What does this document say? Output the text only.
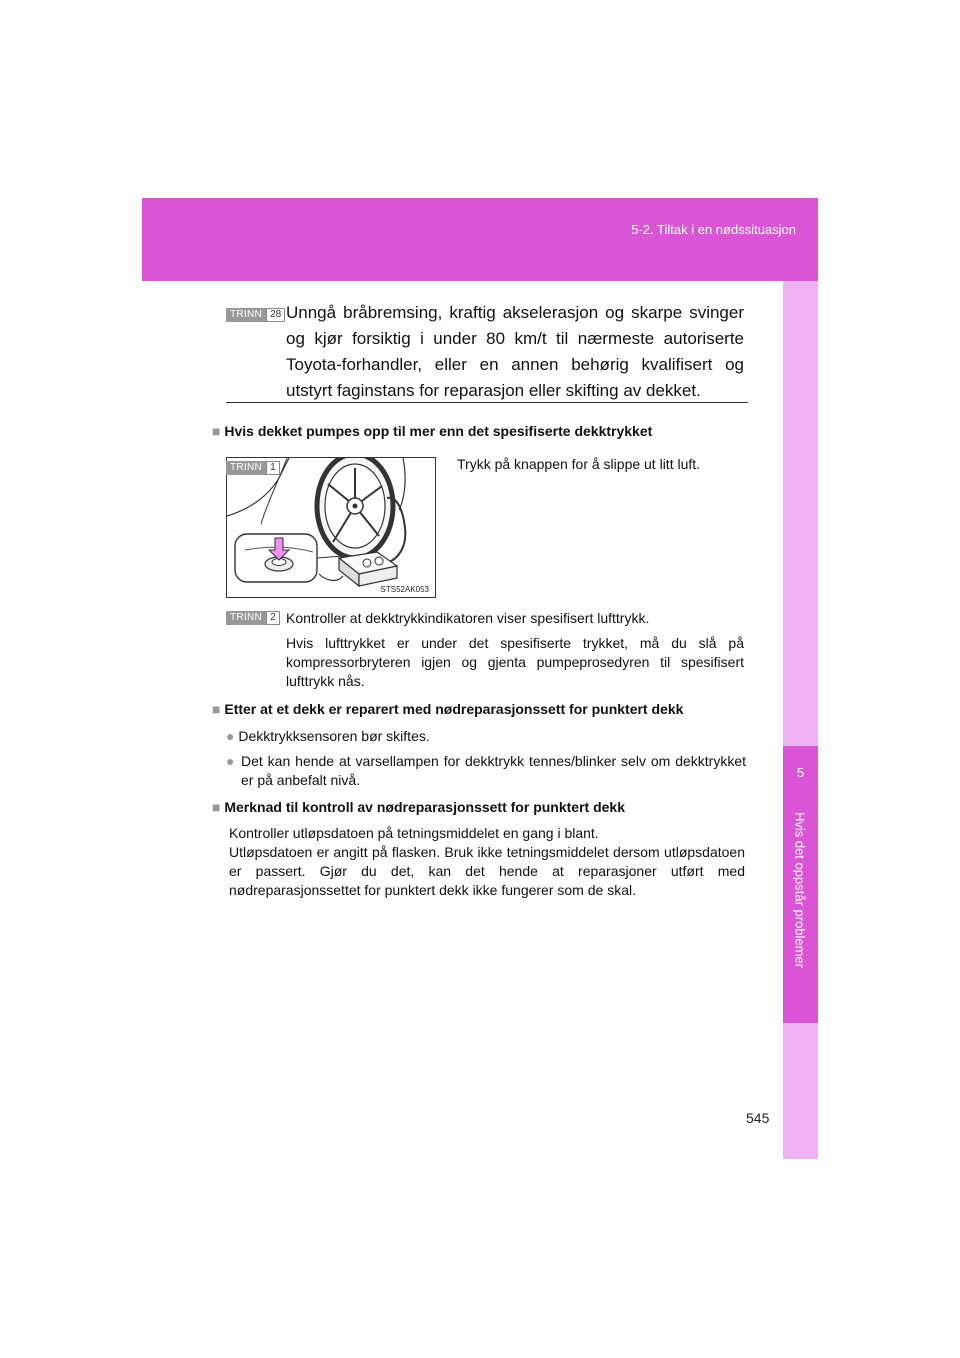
5-2. Tiltak i en nødssituasjon
5
Hvis det oppstår problemer
TRINN 28 Unngå bråbremsing, kraftig akselerasjon og skarpe svinger og kjør forsiktig i under 80 km/t til nærmeste autoriserte Toyota-forhandler, eller en annen behørig kvalifisert og utstyrt faginstans for reparasjon eller skifting av dekket.

■ Hvis dekket pumpes opp til mer enn det spesifiserte dekktrykket

STS52AK053
TRINN 1	Trykk på knappen for å slippe ut litt luft.

TRINN 2 Kontroller at dekktrykkindikatoren viser spesifisert lufttrykk.

Hvis lufttrykket er under det spesifiserte trykket, må du slå på kompressorbryteren igjen og gjenta pumpeprosedyren til spesifisert lufttrykk nås.

■ Etter at et dekk er reparert med nødreparasjonssett for punktert dekk

● Dekktrykksensoren bør skiftes.

● Det kan hende at varsellampen for dekktrykk tennes/blinker selv om dekktrykket er på anbefalt nivå.

■ Merknad til kontroll av nødreparasjonssett for punktert dekk

Kontroller utløpsdatoen på tetningsmiddelet en gang i blant.

Utløpsdatoen er angitt på flasken. Bruk ikke tetningsmiddelet dersom utløpsdatoen er passert. Gjør du det, kan det hende at reparasjoner utført med nødreparasjonssettet for punktert dekk ikke fungerer som de skal.

545
